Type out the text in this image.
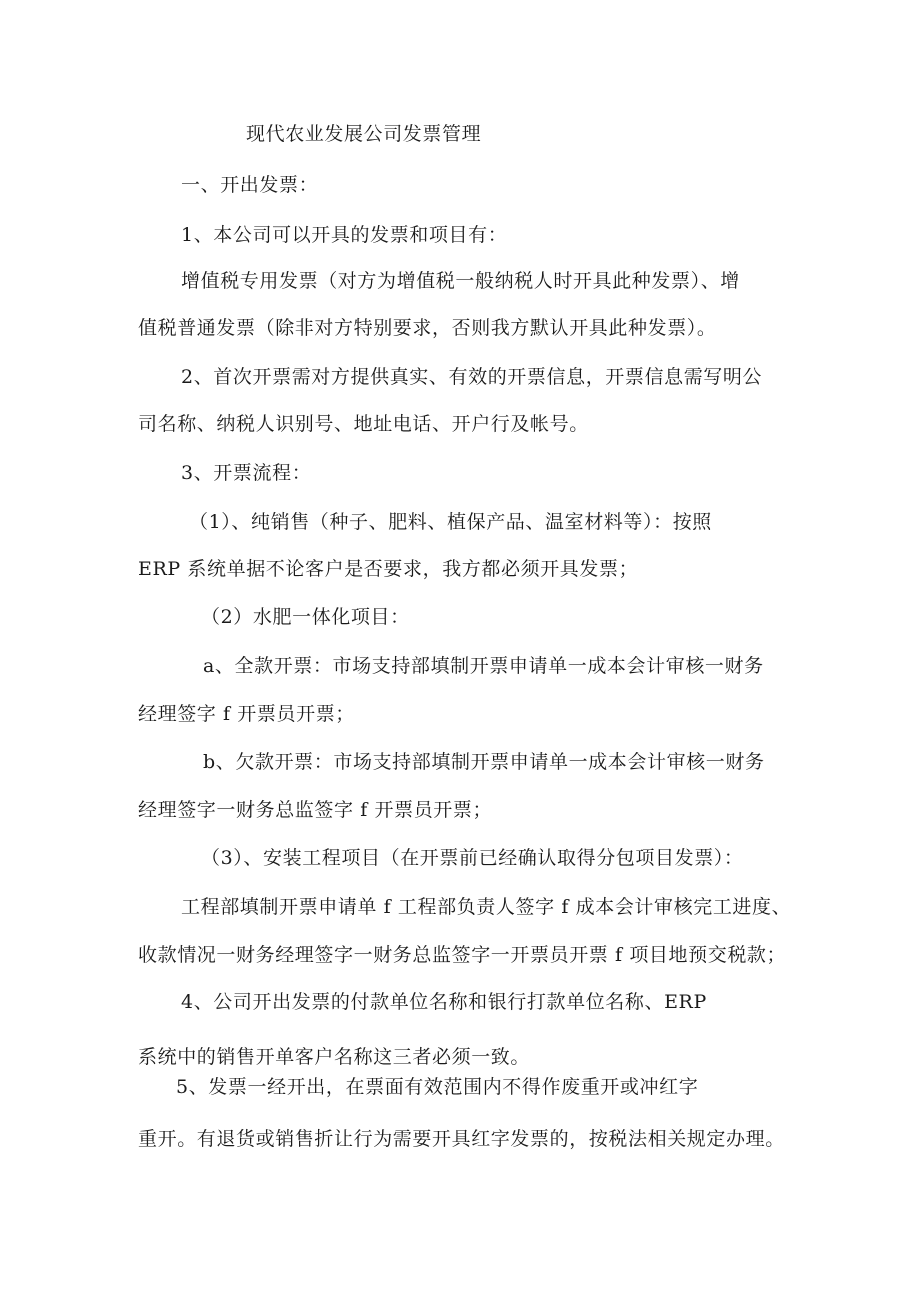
现代农业发展公司发票管理

一、开出发票：

1、本公司可以开具的发票和项目有：

增值税专用发票（对方为增值税一般纳税人时开具此种发票）、增

值税普通发票（除非对方特别要求，否则我方默认开具此种发票）。

2、首次开票需对方提供真实、有效的开票信息，开票信息需写明公

司名称、纳税人识别号、地址电话、开户行及帐号。

3、开票流程：

（1）、纯销售（种子、肥料、植保产品、温室材料等）：按照

ERP 系统单据不论客户是否要求，我方都必须开具发票；

（2）水肥一体化项目：

a、全款开票：市场支持部填制开票申请单一成本会计审核一财务

经理签字 f 开票员开票；

b、欠款开票：市场支持部填制开票申请单一成本会计审核一财务

经理签字一财务总监签字 f 开票员开票；

（3）、安装工程项目（在开票前已经确认取得分包项目发票）：

工程部填制开票申请单 f 工程部负责人签字 f 成本会计审核完工进度、

收款情况一财务经理签字一财务总监签字一开票员开票 f 项目地预交税款；

4、公司开出发票的付款单位名称和银行打款单位名称、ERP

系统中的销售开单客户名称这三者必须一致。

5、发票一经开出，在票面有效范围内不得作废重开或冲红字

重开。有退货或销售折让行为需要开具红字发票的，按税法相关规定办理。
